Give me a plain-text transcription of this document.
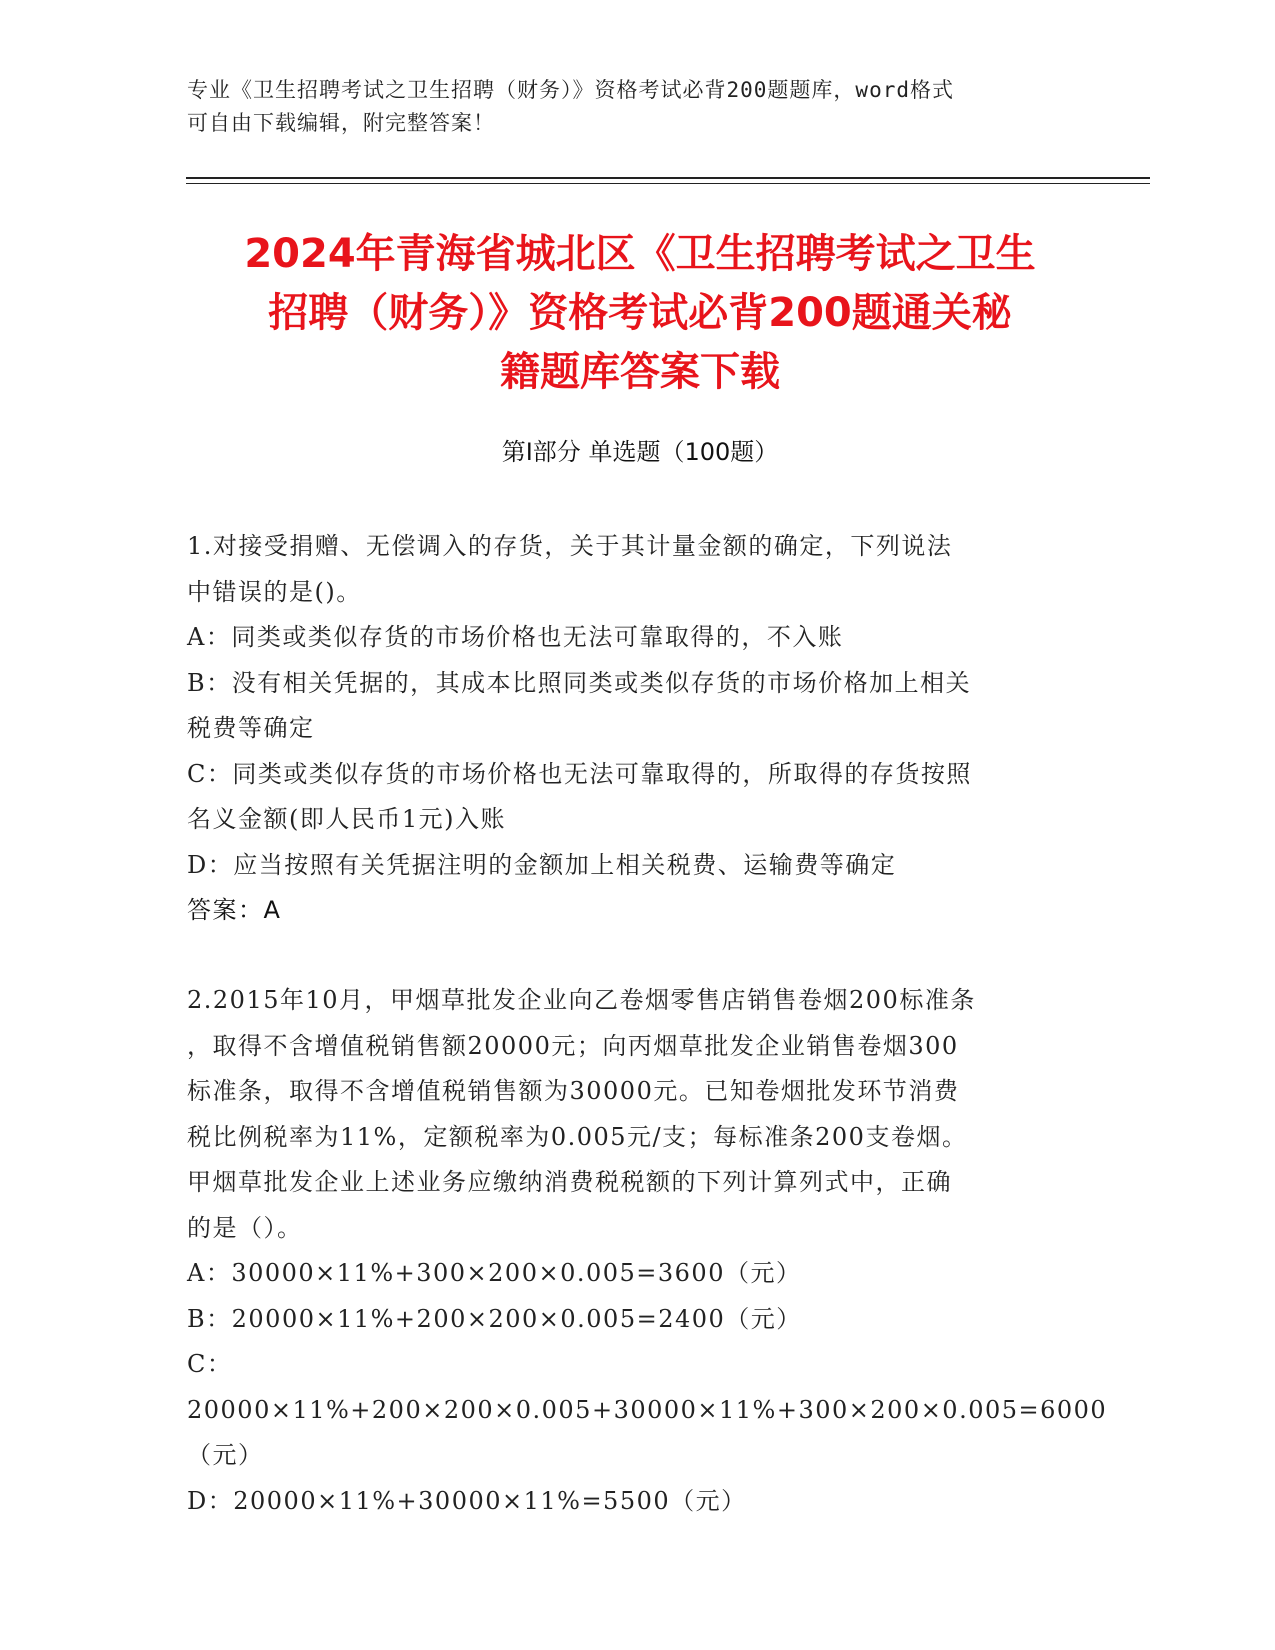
专业《卫生招聘考试之卫生招聘（财务）》资格考试必背200题题库，word格式
可自由下载编辑，附完整答案！
2024年青海省城北区《卫生招聘考试之卫生
招聘（财务）》资格考试必背200题通关秘
籍题库答案下载
第Ⅰ部分 单选题（100题）
1.对接受捐赠、无偿调入的存货，关于其计量金额的确定，下列说法
中错误的是()。
A：同类或类似存货的市场价格也无法可靠取得的，不入账
B：没有相关凭据的，其成本比照同类或类似存货的市场价格加上相关
税费等确定
C：同类或类似存货的市场价格也无法可靠取得的，所取得的存货按照
名义金额(即人民币1元)入账
D：应当按照有关凭据注明的金额加上相关税费、运输费等确定
答案：A
2.2015年10月，甲烟草批发企业向乙卷烟零售店销售卷烟200标准条
，取得不含增值税销售额20000元；向丙烟草批发企业销售卷烟300
标准条，取得不含增值税销售额为30000元。已知卷烟批发环节消费
税比例税率为11%，定额税率为0.005元/支；每标准条200支卷烟。
甲烟草批发企业上述业务应缴纳消费税税额的下列计算列式中，正确
的是（）。
A：30000×11%+300×200×0.005=3600（元）
B：20000×11%+200×200×0.005=2400（元）
C：20000×11%+200×200×0.005+30000×11%+300×200×0.005=6000
（元）
D：20000×11%+30000×11%=5500（元）
